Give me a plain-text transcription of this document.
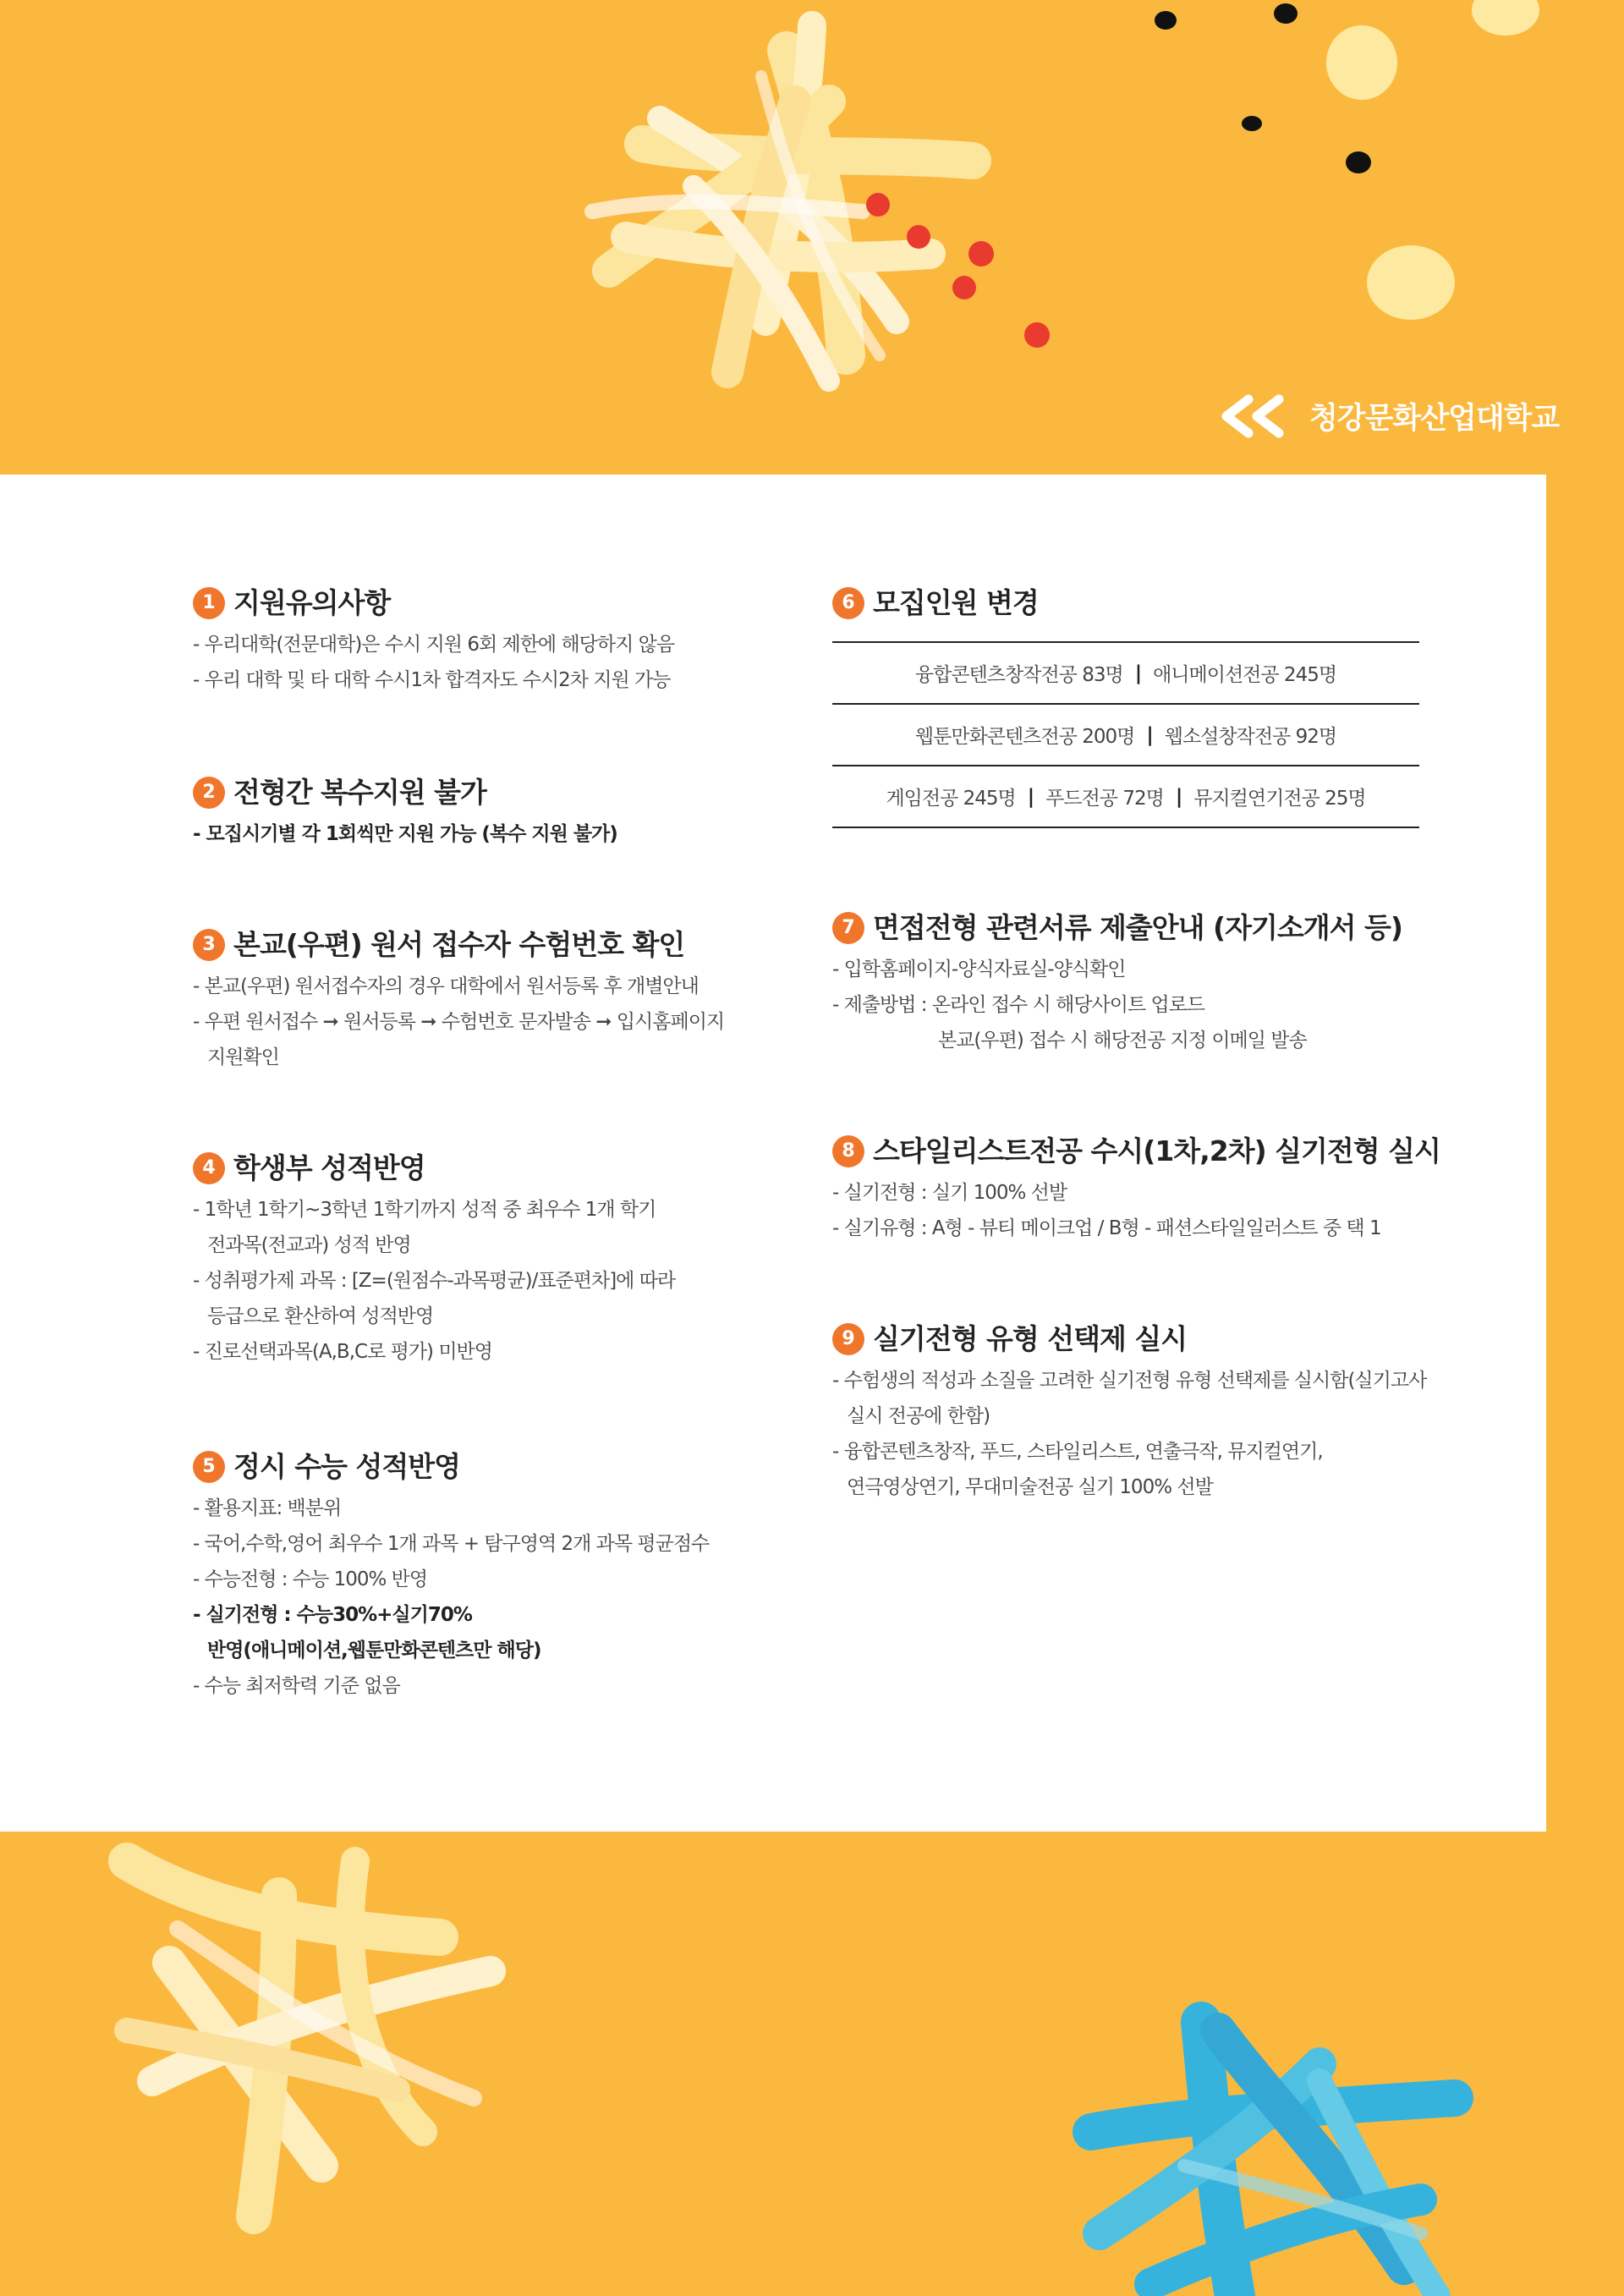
청강문화산업대학교
1 지원유의사항
- 우리대학(전문대학)은 수시 지원 6회 제한에 해당하지 않음
- 우리 대학 및 타 대학 수시1차 합격자도 수시2차 지원 가능
2 전형간 복수지원 불가
- 모집시기별 각 1회씩만 지원 가능 (복수 지원 불가)
3 본교(우편) 원서 접수자 수험번호 확인
- 본교(우편) 원서접수자의 경우 대학에서 원서등록 후 개별안내
- 우편 원서접수 ➞ 원서등록 ➞ 수험번호 문자발송 ➞ 입시홈페이지
지원확인
4 학생부 성적반영
- 1학년 1학기~3학년 1학기까지 성적 중 최우수 1개 학기
전과목(전교과) 성적 반영
- 성취평가제 과목 : [Z=(원점수-과목평균)/표준편차]에 따라
등급으로 환산하여 성적반영
- 진로선택과목(A,B,C로 평가) 미반영
5 정시 수능 성적반영
- 활용지표: 백분위
- 국어,수학,영어 최우수 1개 과목 + 탐구영역 2개 과목 평균점수
- 수능전형 : 수능 100% 반영
- 실기전형 : 수능30%+실기70%
반영(애니메이션,웹툰만화콘텐츠만 해당)
- 수능 최저학력 기준 없음
6 모집인원 변경
융합콘텐츠창작전공 83명 | 애니메이션전공 245명
웹툰만화콘텐츠전공 200명 | 웹소설창작전공 92명
게임전공 245명 | 푸드전공 72명 | 뮤지컬연기전공 25명
7 면접전형 관련서류 제출안내 (자기소개서 등)
- 입학홈페이지-양식자료실-양식확인
- 제출방법 : 온라인 접수 시 해당사이트 업로드
본교(우편) 접수 시 해당전공 지정 이메일 발송
8 스타일리스트전공 수시(1차,2차) 실기전형 실시
- 실기전형 : 실기 100% 선발
- 실기유형 : A형 - 뷰티 메이크업 / B형 - 패션스타일일러스트 중 택 1
9 실기전형 유형 선택제 실시
- 수험생의 적성과 소질을 고려한 실기전형 유형 선택제를 실시함(실기고사
실시 전공에 한함)
- 융합콘텐츠창작, 푸드, 스타일리스트, 연출극작, 뮤지컬연기,
연극영상연기, 무대미술전공 실기 100% 선발
